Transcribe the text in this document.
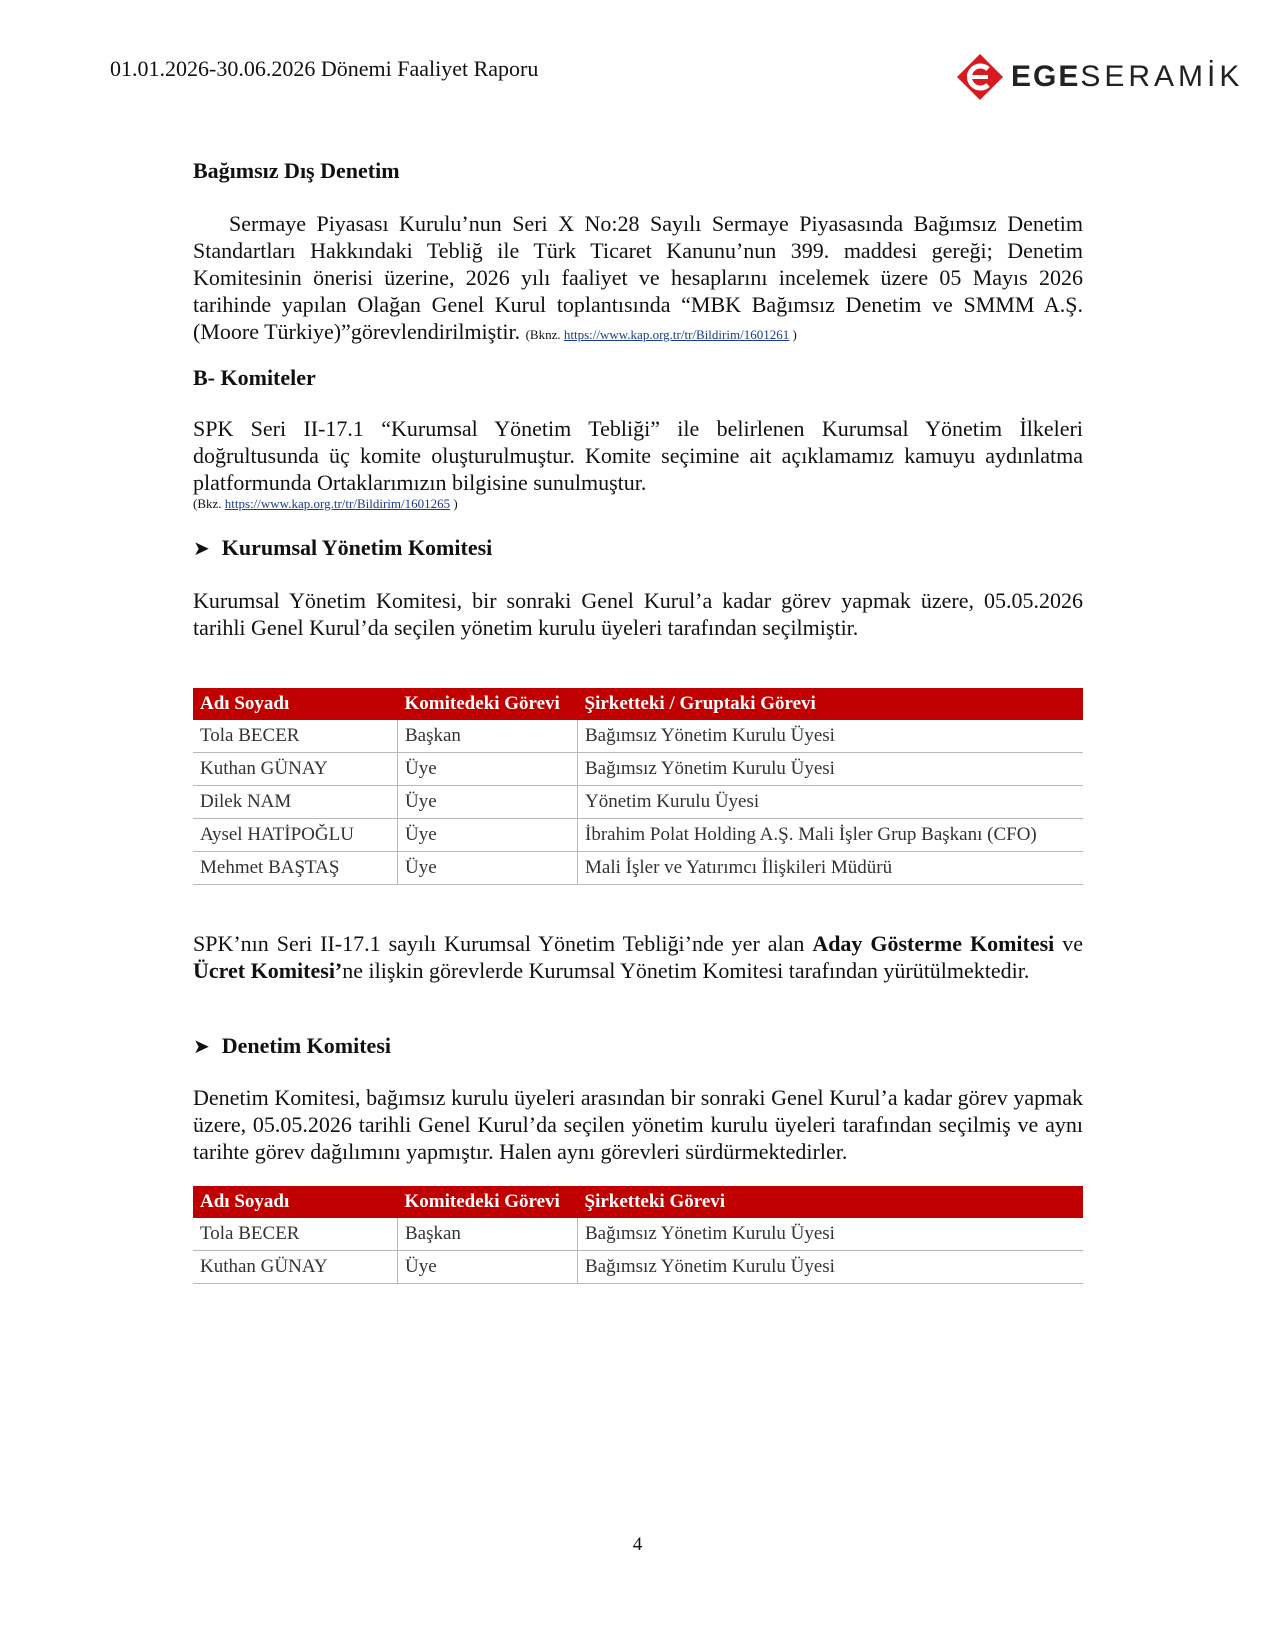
01.01.2026-30.06.2026 Dönemi Faaliyet Raporu	EGESERAMİK
Bağımsız Dış Denetim

Sermaye Piyasası Kurulu’nun Seri X No:28 Sayılı Sermaye Piyasasında Bağımsız Denetim Standartları Hakkındaki Tebliğ ile Türk Ticaret Kanunu’nun 399. maddesi gereği; Denetim Komitesinin önerisi üzerine, 2026 yılı faaliyet ve hesaplarını incelemek üzere 05 Mayıs 2026 tarihinde yapılan Olağan Genel Kurul toplantısında “MBK Bağımsız Denetim ve SMMM A.Ş. (Moore Türkiye)”görevlendirilmiştir. (Bknz. https://www.kap.org.tr/tr/Bildirim/1601261 )

B- Komiteler

SPK Seri II-17.1 “Kurumsal Yönetim Tebliği” ile belirlenen Kurumsal Yönetim İlkeleri doğrultusunda üç komite oluşturulmuştur. Komite seçimine ait açıklamamız kamuyu aydınlatma platformunda Ortaklarımızın bilgisine sunulmuştur.

(Bkz. https://www.kap.org.tr/tr/Bildirim/1601265 )
➤ Kurumsal Yönetim Komitesi

Kurumsal Yönetim Komitesi, bir sonraki Genel Kurul’a kadar görev yapmak üzere, 05.05.2026 tarihli Genel Kurul’da seçilen yönetim kurulu üyeleri tarafından seçilmiştir.

Adı Soyadı	Komitedeki Görevi	Şirketteki / Gruptaki Görevi
Tola BECER	Başkan	Bağımsız Yönetim Kurulu Üyesi
Kuthan GÜNAY	Üye	Bağımsız Yönetim Kurulu Üyesi
Dilek NAM	Üye	Yönetim Kurulu Üyesi
Aysel HATİPOĞLU	Üye	İbrahim Polat Holding A.Ş. Mali İşler Grup Başkanı (CFO)
Mehmet BAŞTAŞ	Üye	Mali İşler ve Yatırımcı İlişkileri Müdürü

SPK’nın Seri II-17.1 sayılı Kurumsal Yönetim Tebliği’nde yer alan Aday Gösterme Komitesi ve Ücret Komitesi’ne ilişkin görevlerde Kurumsal Yönetim Komitesi tarafından yürütülmektedir.

➤ Denetim Komitesi

Denetim Komitesi, bağımsız kurulu üyeleri arasından bir sonraki Genel Kurul’a kadar görev yapmak üzere, 05.05.2026 tarihli Genel Kurul’da seçilen yönetim kurulu üyeleri tarafından seçilmiş ve aynı tarihte görev dağılımını yapmıştır. Halen aynı görevleri sürdürmektedirler.

Adı Soyadı	Komitedeki Görevi	Şirketteki Görevi
Tola BECER	Başkan	Bağımsız Yönetim Kurulu Üyesi
Kuthan GÜNAY	Üye	Bağımsız Yönetim Kurulu Üyesi
4
